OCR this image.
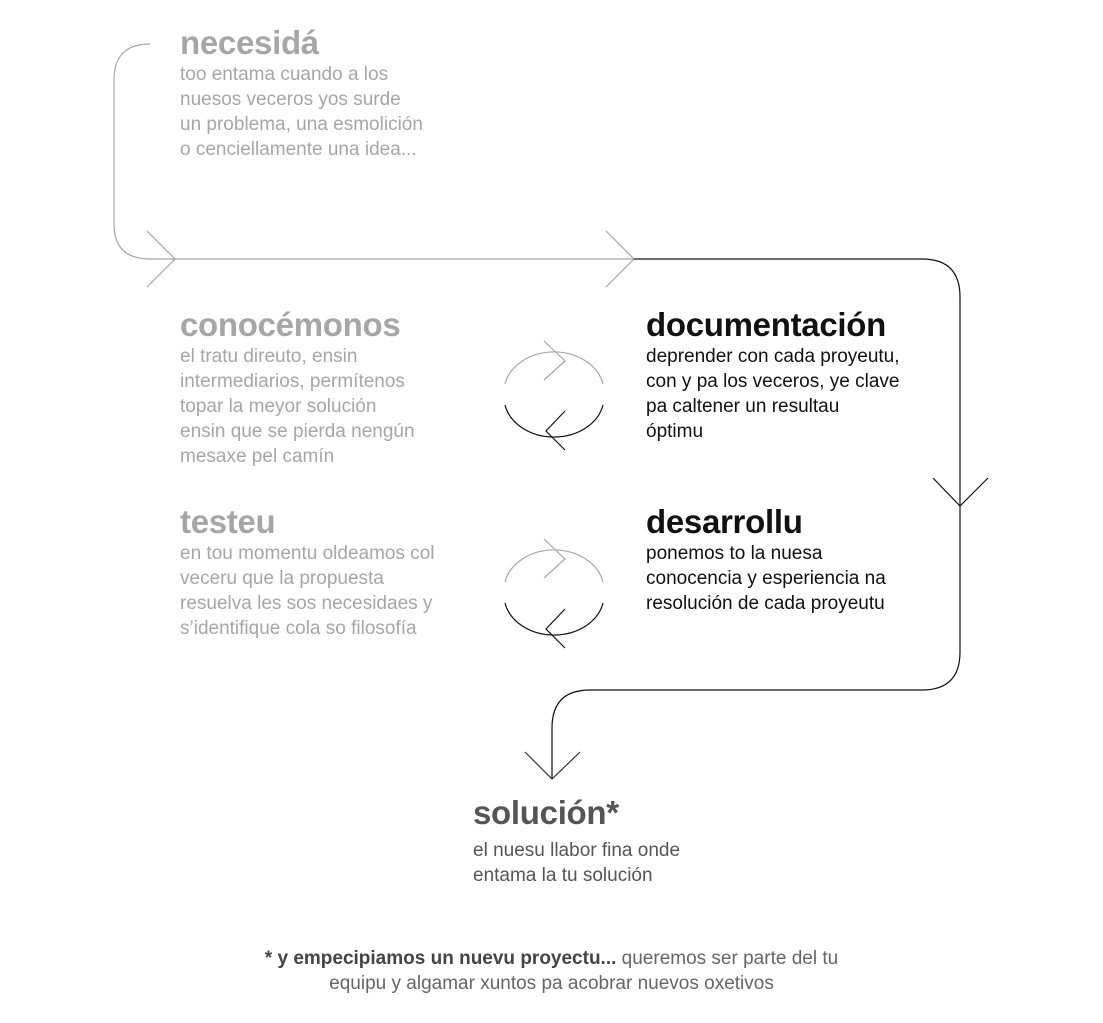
necesidá

too entama cuando a los
nuesos veceros yos surde
un problema, una esmolición
o cenciellamente una idea...

conocémonos

el tratu direuto, ensin
intermediarios, permítenos
topar la meyor solución
ensin que se pierda nengún
mesaxe pel camín

testeu

en tou momentu oldeamos col
veceru que la propuesta
resuelva les sos necesidaes y
s’identifique cola so filosofía

documentación

deprender con cada proyeutu,
con y pa los veceros, ye clave
pa caltener un resultau
óptimu

desarrollu

ponemos to la nuesa
conocencia y esperiencia na
resolución de cada proyeutu

solución*

el nuesu llabor fina onde
entama la tu solución

* y empecipiamos un nuevu proyectu... queremos ser parte del tu
equipu y algamar xuntos pa acobrar nuevos oxetivos
